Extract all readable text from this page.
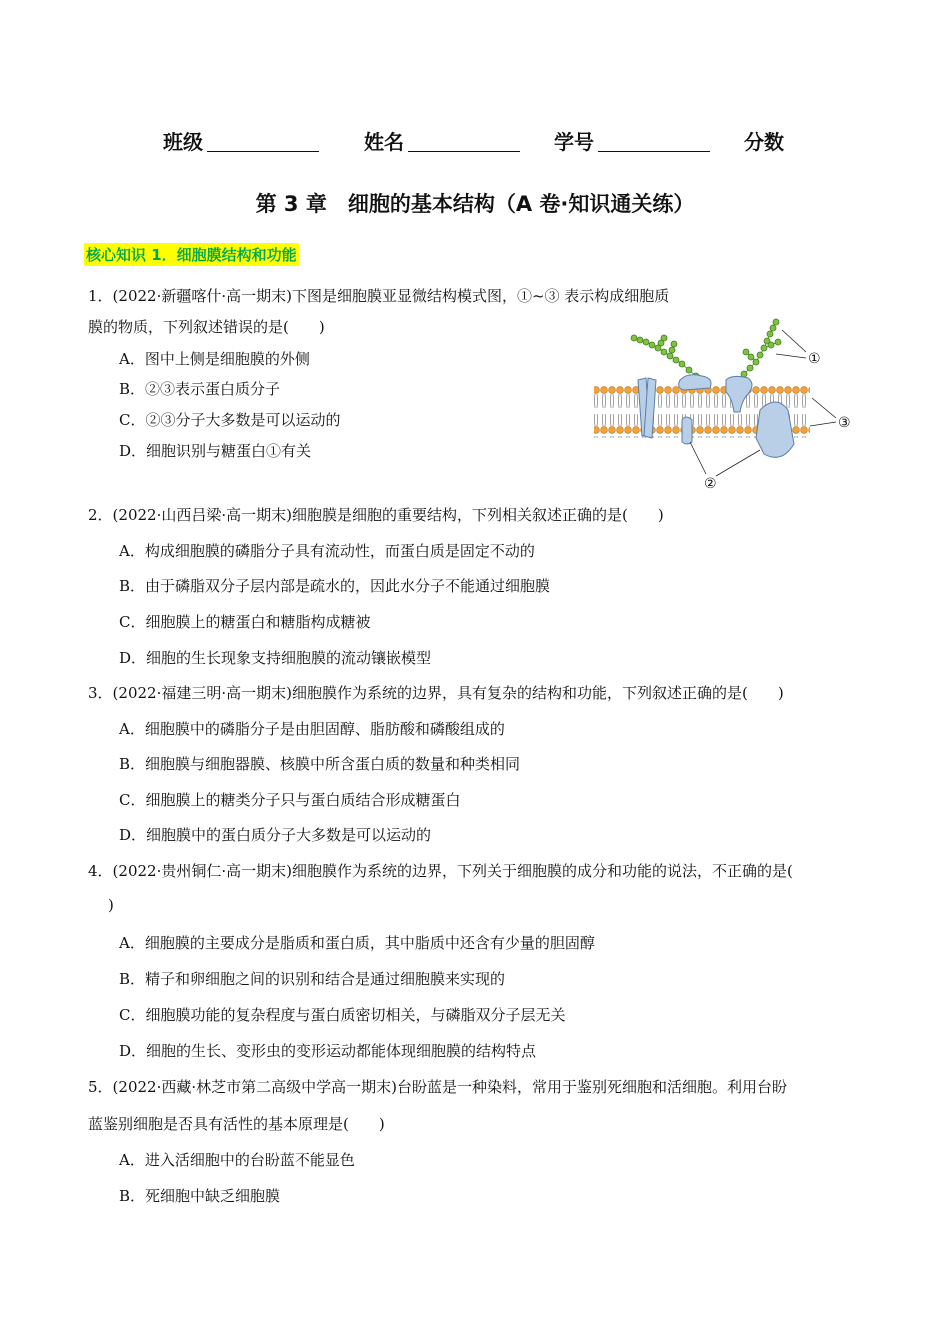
班级	姓名	学号	分数
第 3 章　细胞的基本结构（A 卷·知识通关练）
核心知识 1．细胞膜结构和功能
1．(2022·新疆喀什·高一期末)下图是细胞膜亚显微结构模式图，①~③ 表示构成细胞质
膜的物质，下列叙述错误的是(　　)
A．图中上侧是细胞膜的外侧
B．②③表示蛋白质分子
C．②③分子大多数是可以运动的
D．细胞识别与糖蛋白①有关
①
③
②
2．(2022·山西吕梁·高一期末)细胞膜是细胞的重要结构，下列相关叙述正确的是(　　)
A．构成细胞膜的磷脂分子具有流动性，而蛋白质是固定不动的
B．由于磷脂双分子层内部是疏水的，因此水分子不能通过细胞膜
C．细胞膜上的糖蛋白和糖脂构成糖被
D．细胞的生长现象支持细胞膜的流动镶嵌模型
3．(2022·福建三明·高一期末)细胞膜作为系统的边界，具有复杂的结构和功能，下列叙述正确的是(　　)
A．细胞膜中的磷脂分子是由胆固醇、脂肪酸和磷酸组成的
B．细胞膜与细胞器膜、核膜中所含蛋白质的数量和种类相同
C．细胞膜上的糖类分子只与蛋白质结合形成糖蛋白
D．细胞膜中的蛋白质分子大多数是可以运动的
4．(2022·贵州铜仁·高一期末)细胞膜作为系统的边界，下列关于细胞膜的成分和功能的说法，不正确的是(
)
A．细胞膜的主要成分是脂质和蛋白质，其中脂质中还含有少量的胆固醇
B．精子和卵细胞之间的识别和结合是通过细胞膜来实现的
C．细胞膜功能的复杂程度与蛋白质密切相关，与磷脂双分子层无关
D．细胞的生长、变形虫的变形运动都能体现细胞膜的结构特点
5．(2022·西藏·林芝市第二高级中学高一期末)台盼蓝是一种染料，常用于鉴别死细胞和活细胞。利用台盼
蓝鉴别细胞是否具有活性的基本原理是(　　)
A．进入活细胞中的台盼蓝不能显色
B．死细胞中缺乏细胞膜
